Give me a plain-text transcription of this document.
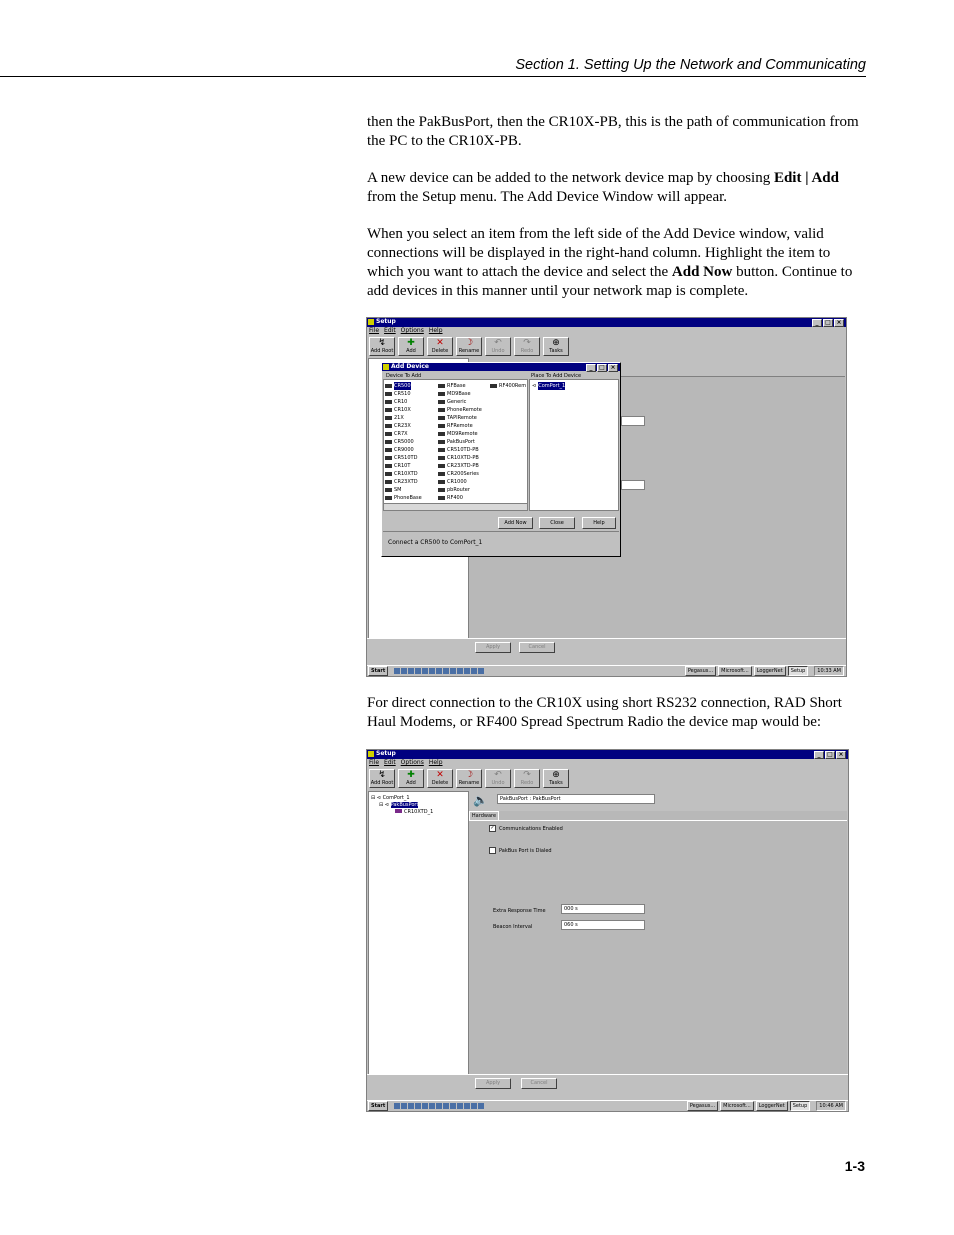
Section 1. Setting Up the Network and Communicating

then the PakBusPort, then the CR10X-PB, this is the path of communication from the PC to the CR10X-PB.

A new device can be added to the network device map by choosing Edit | Add from the Setup menu. The Add Device Window will appear.

When you select an item from the left side of the Add Device window, valid connections will be displayed in the right-hand column. Highlight the item to which you want to attach the device and select the Add Now button. Continue to add devices in this manner until your network map is complete.

Setup	_	□ ×
File Edit Options Help
↯
Add Root
✚
Add
✕
Delete
☽
Rename
↶
Undo
↷
Redo
⊕
Tasks
Apply	Cancel
Start	Pegasus...	Microsoft...	LoggerNet	Setup	10:33 AM
Add Device	_	□ ×
Device To Add	Place To Add Device
CR500
CR510
CR10
CR10X
21X
CR23X
CR7X
CR5000
CR9000
CR510TD
CR10T
CR10XTD
CR23XTD
SM
PhoneBase
RFBase
MD9Base
Generic
PhoneRemote
TAPIRemote
RFRemote
MD9Remote
PakBusPort
CR510TD-PB
CR10XTD-PB
CR23XTD-PB
CR200Series
CR1000
pbRouter
RF400
RF400Rem ⊲ ComPort_1
Add Now	Close	Help
Connect a CR500 to ComPort_1

For direct connection to the CR10X using short RS232 connection, RAD Short Haul Modems, or RF400 Spread Spectrum Radio the device map would be:

Setup	_	□ ×
File Edit Options Help
↯
Add Root
✚
Add
✕
Delete
☽
Rename
↶
Undo
↷
Redo
⊕
Tasks
⊟ ⊲ ComPort_1
⊟ ⊲ PakBusPort
CR10XTD_1
🔈	PakBusPort : PakBusPort
Hardware
✓ Communications Enabled
PakBus Port is Dialed
Extra Response Time	000 s
Beacon Interval	060 s
Apply	Cancel
Start	Pegasus...	Microsoft...	LoggerNet	Setup	10:46 AM
1-3
